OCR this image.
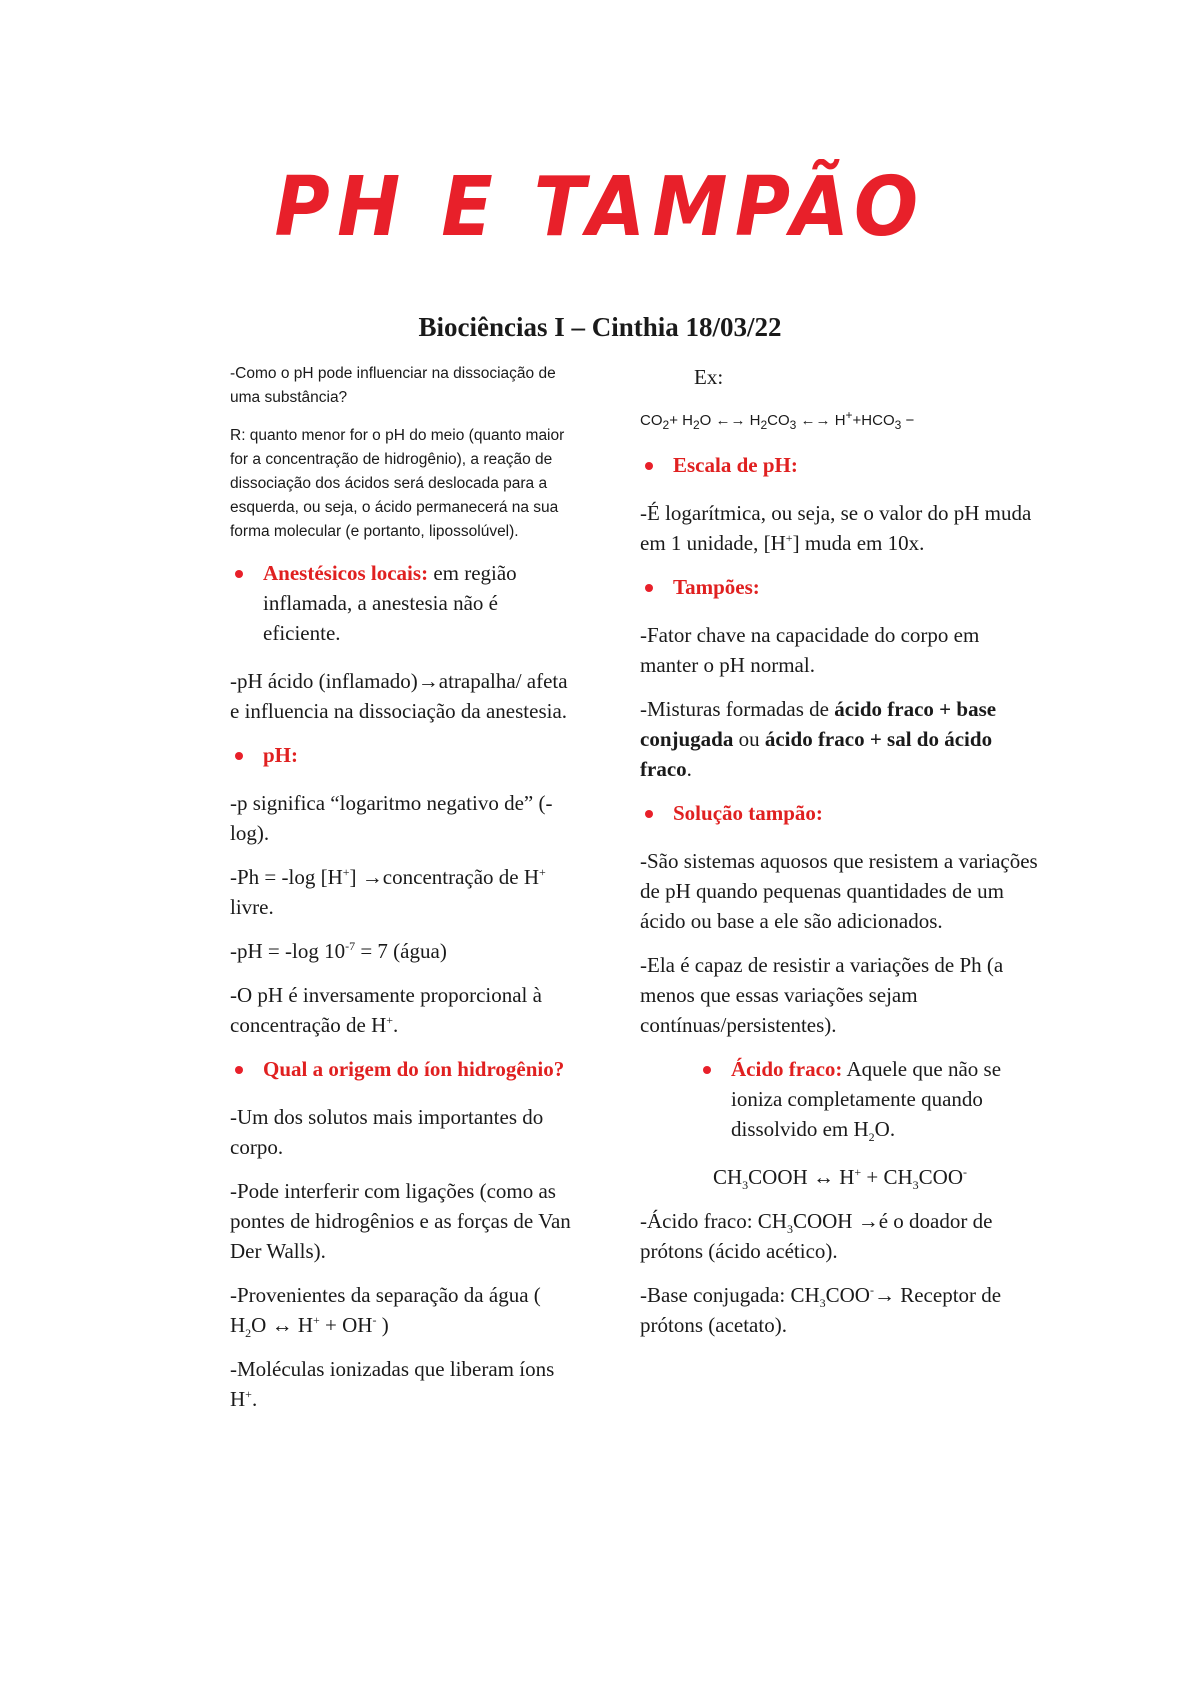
PH E TAMPÃO
Biociências I – Cinthia 18/03/22

-Como o pH pode influenciar na dissociação de uma substância?

R: quanto menor for o pH do meio (quanto maior for a concentração de hidrogênio), a reação de dissociação dos ácidos será deslocada para a esquerda, ou seja, o ácido permanecerá na sua forma molecular (e portanto, lipossolúvel).

Anestésicos locais: em região inflamada, a anestesia não é eficiente.

-pH ácido (inflamado)→atrapalha/ afeta e influencia na dissociação da anestesia.

pH:

-p significa “logaritmo negativo de” (-log).

-Ph = -log [H+] →concentração de H+ livre.

-pH = -log $10^{-7} = 7$ (água)

-O pH é inversamente proporcional à concentração de H+.

Qual a origem do íon hidrogênio?

-Um dos solutos mais importantes do corpo.

-Pode interferir com ligações (como as pontes de hidrogênios e as forças de Van Der Walls).

-Provenientes da separação da água ( $H_2O$ ↔ H+ + OH- )

-Moléculas ionizadas que liberam íons H+.

Ex:

$CO_2+ H_2O$ ←→ $H_2CO_3$ ←→ $H^++HCO_3$ −

Escala de pH:

-É logarítmica, ou seja, se o valor do pH muda em 1 unidade, [H+] muda em 10x.

Tampões:

-Fator chave na capacidade do corpo em manter o pH normal.

-Misturas formadas de ácido fraco + base conjugada ou ácido fraco + sal do ácido fraco.

Solução tampão:

-São sistemas aquosos que resistem a variações de pH quando pequenas quantidades de um ácido ou base a ele são adicionados.

-Ela é capaz de resistir a variações de Ph (a menos que essas variações sejam contínuas/persistentes).

Ácido fraco: Aquele que não se ioniza completamente quando dissolvido em $H_2O$.

$CH_3COOH$ ↔ $H^+ + CH_3COO^-$

-Ácido fraco: $CH_3COOH$ →é o doador de prótons (ácido acético).

-Base conjugada: $CH_3COO^-\to$ Receptor de prótons (acetato).
